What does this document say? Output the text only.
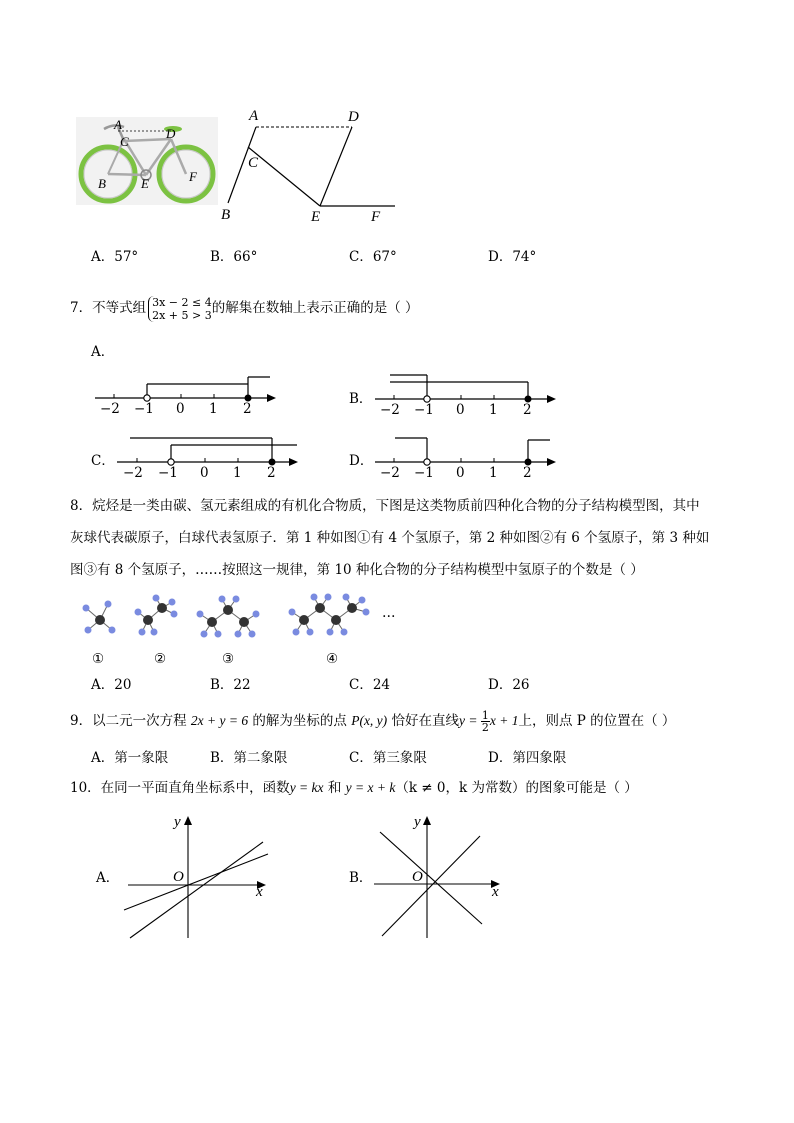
A
D
C
B	E	F
A	D
C
B	E	F
A．57°	B．66°	C．67°	D．74°
7．不等式组 3x − 2 ≤ 4
2x + 5 > 3 的解集在数轴上表示正确的是（ ）
A．
−2 −1 0 1 2
B．
−2 −1 0 1 2
C．
−2 −1 0 1 2
D．
−2 −1 0 1 2
8．烷烃是一类由碳、氢元素组成的有机化合物质，下图是这类物质前四种化合物的分子结构模型图，其中
灰球代表碳原子，白球代表氢原子．第 1 种如图①有 4 个氢原子，第 2 种如图②有 6 个氢原子，第 3 种如
图③有 8 个氢原子，……按照这一规律，第 10 种化合物的分子结构模型中氢原子的个数是（ ）
…
①	②	③	④
A．20	B．22	C．24	D．26
9．以二元一次方程 2x + y = 6 的解为坐标的点 P(x, y) 恰好在直线$y = \frac{1}{2}$ x + 1上，则点 P 的位置在（ ）
A．第一象限	B．第二象限	C．第三象限	D．第四象限
10．在同一平面直角坐标系中，函数y = kx 和 y = x + k（k ≠ 0，k 为常数）的图象可能是（ ）
A．
y
x
O	B．
y
x
O
